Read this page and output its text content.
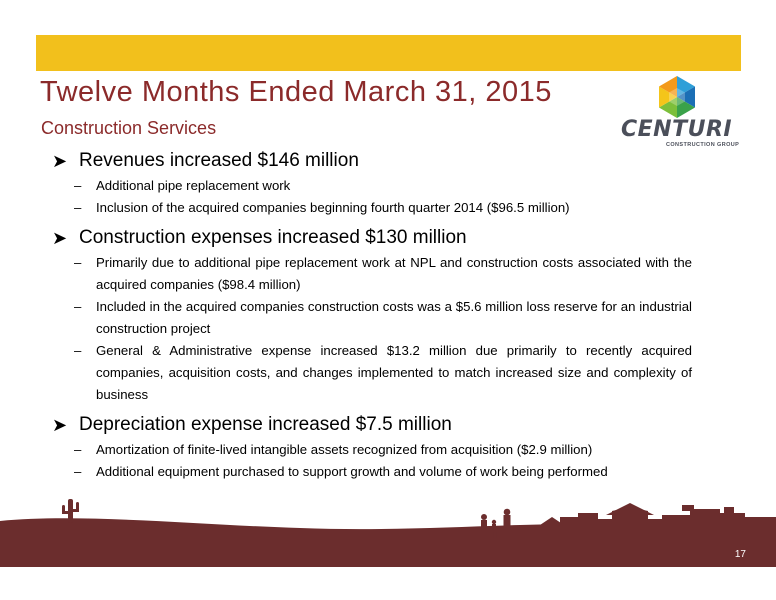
Twelve Months Ended March 31, 2015
Construction Services	CENTURI
CONSTRUCTION GROUP
➤ Revenues increased $146 million
– Additional pipe replacement work
– Inclusion of the acquired companies beginning fourth quarter 2014 ($96.5 million)
➤ Construction expenses increased $130 million
– Primarily due to additional pipe replacement work at NPL and construction costs associated with the acquired companies ($98.4 million)
– Included in the acquired companies construction costs was a $5.6 million loss reserve for an industrial construction project
– General & Administrative expense increased $13.2 million due primarily to recently acquired companies, acquisition costs, and changes implemented to match increased size and complexity of business
➤ Depreciation expense increased $7.5 million
– Amortization of finite-lived intangible assets recognized from acquisition ($2.9 million)
– Additional equipment purchased to support growth and volume of work being performed
17
